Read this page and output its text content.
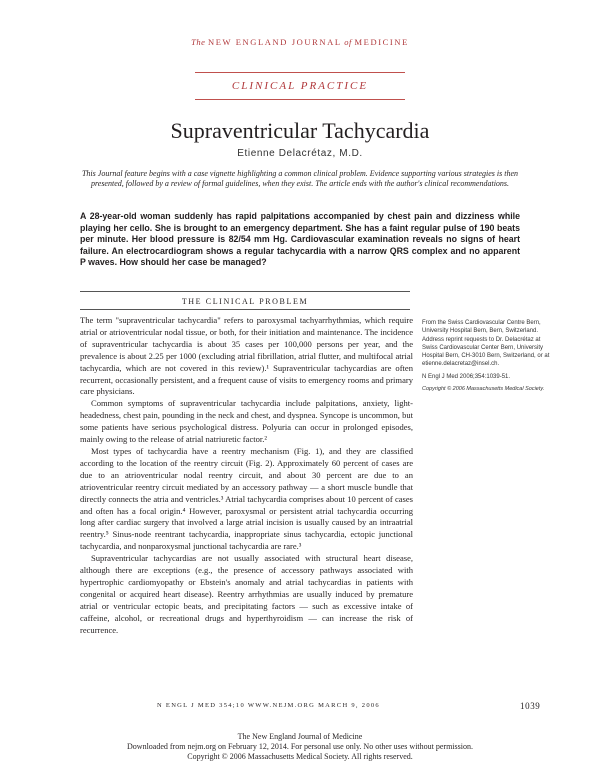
The NEW ENGLAND JOURNAL of MEDICINE
CLINICAL PRACTICE
Supraventricular Tachycardia
Etienne Delacrétaz, M.D.
This Journal feature begins with a case vignette highlighting a common clinical problem. Evidence supporting various strategies is then presented, followed by a review of formal guidelines, when they exist. The article ends with the author's clinical recommendations.
A 28-year-old woman suddenly has rapid palpitations accompanied by chest pain and dizziness while playing her cello. She is brought to an emergency department. She has a faint regular pulse of 190 beats per minute. Her blood pressure is 82/54 mm Hg. Cardiovascular examination reveals no signs of heart failure. An electrocardiogram shows a regular tachycardia with a narrow QRS complex and no apparent P waves. How should her case be managed?
THE CLINICAL PROBLEM

The term "supraventricular tachycardia" refers to paroxysmal tachyarrhythmias, which require atrial or atrioventricular nodal tissue, or both, for their initiation and maintenance. The incidence of supraventricular tachycardia is about 35 cases per 100,000 persons per year, and the prevalence is about 2.25 per 1000 (excluding atrial fibrillation, atrial flutter, and multifocal atrial tachycardia, which are not covered in this review).¹ Supraventricular tachycardias are often recurrent, occasionally persistent, and a frequent cause of visits to emergency rooms and primary care physicians.

Common symptoms of supraventricular tachycardia include palpitations, anxiety, light-headedness, chest pain, pounding in the neck and chest, and dyspnea. Syncope is uncommon, but some patients have serious psychological distress. Polyuria can occur in prolonged episodes, mainly owing to the release of atrial natriuretic factor.²

Most types of tachycardia have a reentry mechanism (Fig. 1), and they are classified according to the location of the reentry circuit (Fig. 2). Approximately 60 percent of cases are due to an atrioventricular nodal reentry circuit, and about 30 percent are due to an atrioventricular reentry circuit mediated by an accessory pathway — a short muscle bundle that directly connects the atria and ventricles.³ Atrial tachycardia comprises about 10 percent of cases and often has a focal origin.⁴ However, paroxysmal or persistent atrial tachycardia occurring long after cardiac surgery that involved a large atrial incision is usually caused by an intraatrial reentry.⁵ Sinus-node reentrant tachycardia, inappropriate sinus tachycardia, ectopic junctional tachycardia, and nonparoxysmal junctional tachycardia are rare.³

Supraventricular tachycardias are not usually associated with structural heart disease, although there are exceptions (e.g., the presence of accessory pathways associated with hypertrophic cardiomyopathy or Ebstein's anomaly and atrial tachycardias in patients with congenital or acquired heart disease). Reentry arrhythmias are usually induced by premature atrial or ventricular ectopic beats, and precipitating factors — such as excessive intake of caffeine, alcohol, or recreational drugs and hyperthyroidism — can increase the risk of recurrence.

From the Swiss Cardiovascular Centre Bern, University Hospital Bern, Bern, Switzerland. Address reprint requests to Dr. Delacrétaz at Swiss Cardiovascular Center Bern, University Hospital Bern, CH-3010 Bern, Switzerland, or at etienne.delacretaz@insel.ch.

N Engl J Med 2006;354:1039-51.

Copyright © 2006 Massachusetts Medical Society.

N ENGL J MED 354;10 WWW.NEJM.ORG MARCH 9, 2006	1039
The New England Journal of Medicine
Downloaded from nejm.org on February 12, 2014. For personal use only. No other uses without permission.
Copyright © 2006 Massachusetts Medical Society. All rights reserved.
